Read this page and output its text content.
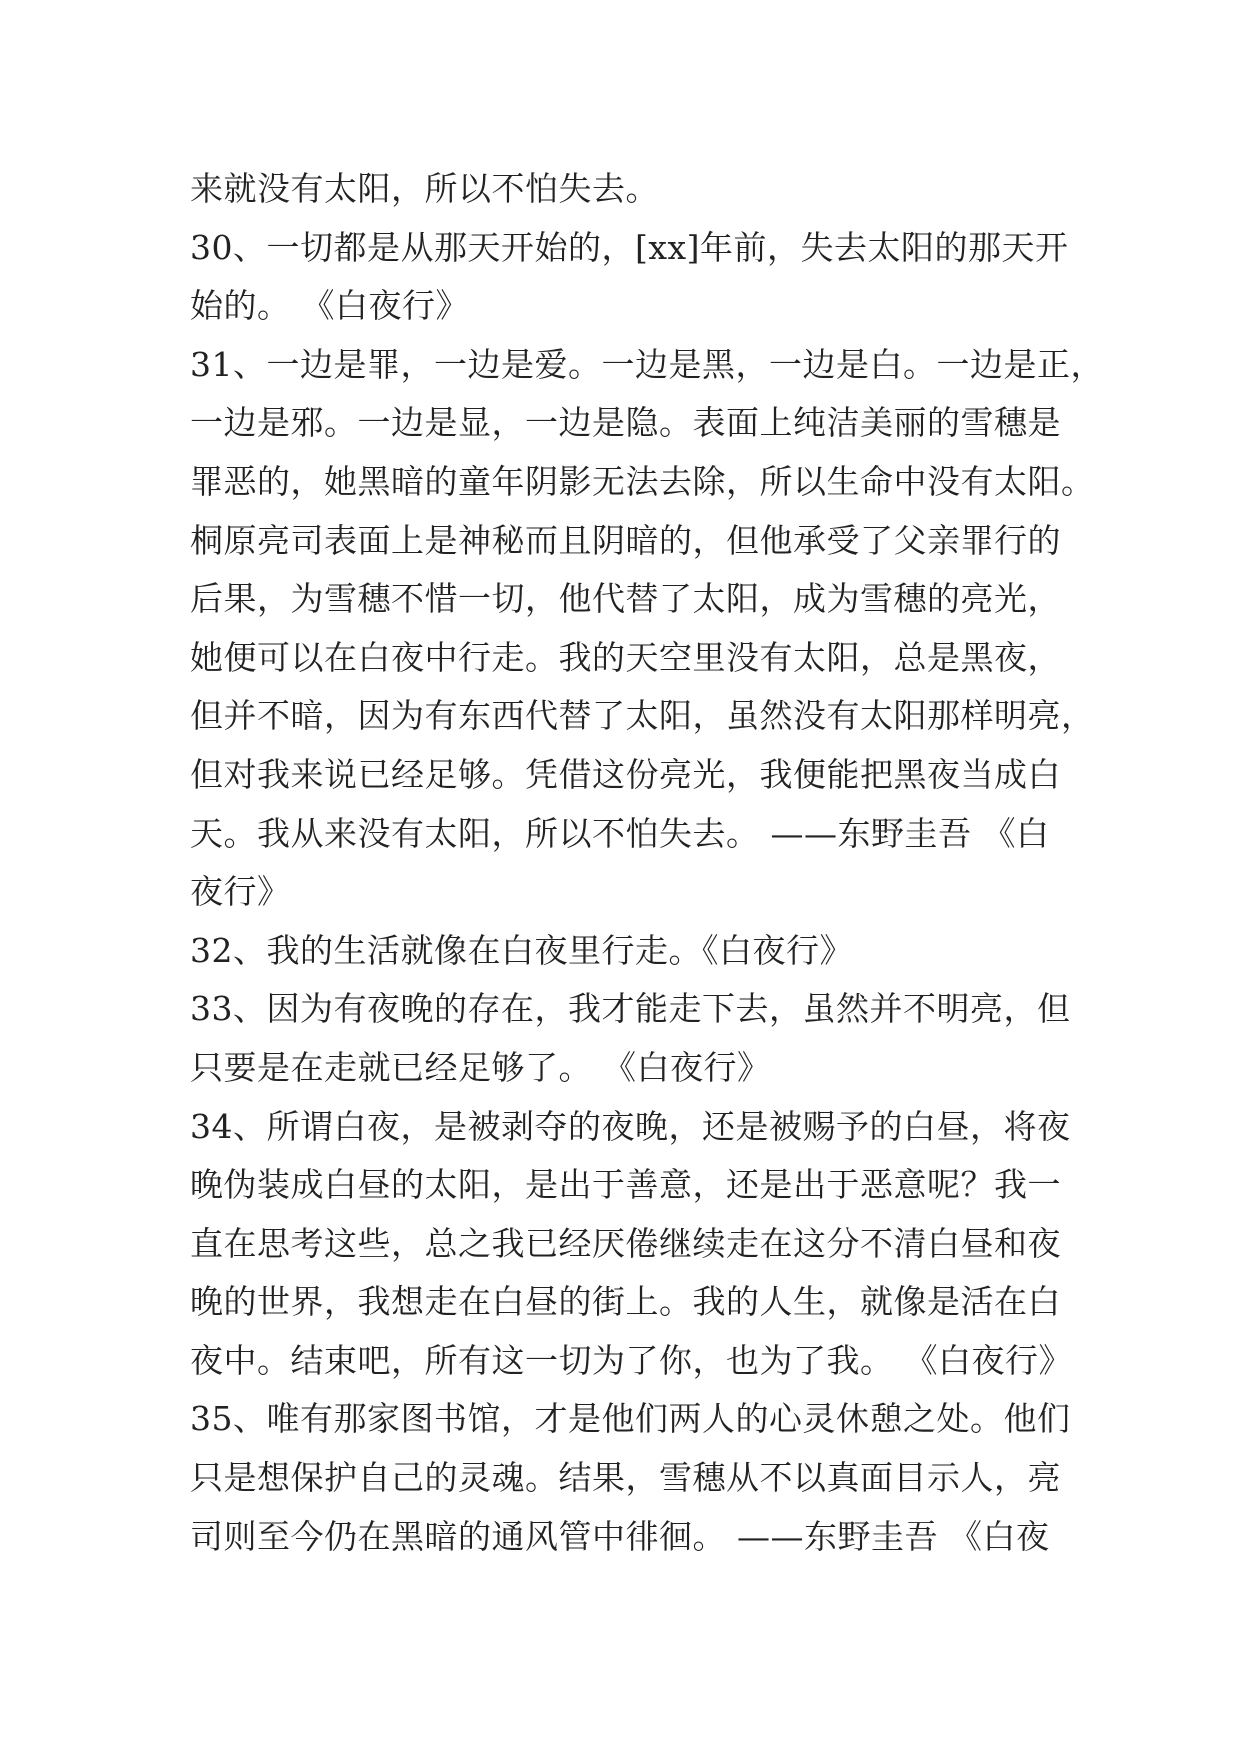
来就没有太阳，所以不怕失去。
30、一切都是从那天开始的，[xx]年前，失去太阳的那天开
始的。 《白夜行》
31、一边是罪，一边是爱。一边是黑，一边是白。一边是正，
一边是邪。一边是显，一边是隐。表面上纯洁美丽的雪穗是
罪恶的，她黑暗的童年阴影无法去除，所以生命中没有太阳。
桐原亮司表面上是神秘而且阴暗的，但他承受了父亲罪行的
后果，为雪穗不惜一切，他代替了太阳，成为雪穗的亮光，
她便可以在白夜中行走。我的天空里没有太阳，总是黑夜，
但并不暗，因为有东西代替了太阳，虽然没有太阳那样明亮，
但对我来说已经足够。凭借这份亮光，我便能把黑夜当成白
天。我从来没有太阳，所以不怕失去。 ——东野圭吾 《白
夜行》
32、我的生活就像在白夜里行走。《白夜行》
33、因为有夜晚的存在，我才能走下去，虽然并不明亮，但
只要是在走就已经足够了。 《白夜行》
34、所谓白夜，是被剥夺的夜晚，还是被赐予的白昼，将夜
晚伪装成白昼的太阳，是出于善意，还是出于恶意呢？我一
直在思考这些，总之我已经厌倦继续走在这分不清白昼和夜
晚的世界，我想走在白昼的街上。我的人生，就像是活在白
夜中。结束吧，所有这一切为了你，也为了我。 《白夜行》
35、唯有那家图书馆，才是他们两人的心灵休憩之处。他们
只是想保护自己的灵魂。结果，雪穗从不以真面目示人，亮
司则至今仍在黑暗的通风管中徘徊。 ——东野圭吾 《白夜
